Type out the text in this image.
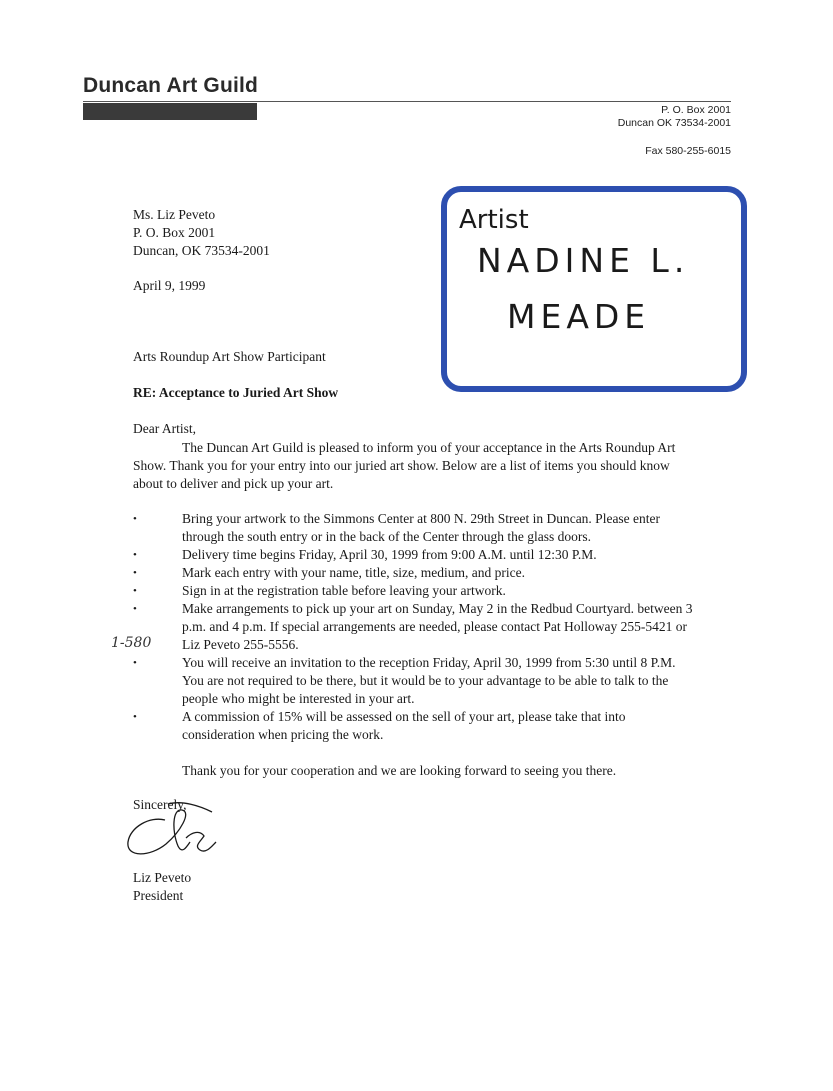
Duncan Art Guild
P. O. Box 2001
Duncan OK 73534-2001
Fax 580-255-6015
Ms. Liz Peveto
P. O. Box 2001
Duncan, OK 73534-2001
April 9, 1999
Artist
NADINE L.
MEADE
Arts Roundup Art Show Participant
RE: Acceptance to Juried Art Show
Dear Artist,
The Duncan Art Guild is pleased to inform you of your acceptance in the Arts Roundup Art Show. Thank you for your entry into our juried art show. Below are a list of items you should know about to deliver and pick up your art.
•	Bring your artwork to the Simmons Center at 800 N. 29th Street in Duncan. Please enter through the south entry or in the back of the Center through the glass doors.
•	Delivery time begins Friday, April 30, 1999 from 9:00 A.M. until 12:30 P.M.
•	Mark each entry with your name, title, size, medium, and price.
•	Sign in at the registration table before leaving your artwork.
•	Make arrangements to pick up your art on Sunday, May 2 in the Redbud Courtyard. between 3 p.m. and 4 p.m. If special arrangements are needed, please contact Pat Holloway 255-5421 or Liz Peveto 255-5556.
•	You will receive an invitation to the reception Friday, April 30, 1999 from 5:30 until 8 P.M. You are not required to be there, but it would be to your advantage to be able to talk to the people who might be interested in your art.
•	A commission of 15% will be assessed on the sell of your art, please take that into consideration when pricing the work.
1-580
Thank you for your cooperation and we are looking forward to seeing you there.
Sincerely,
Liz Peveto
President
